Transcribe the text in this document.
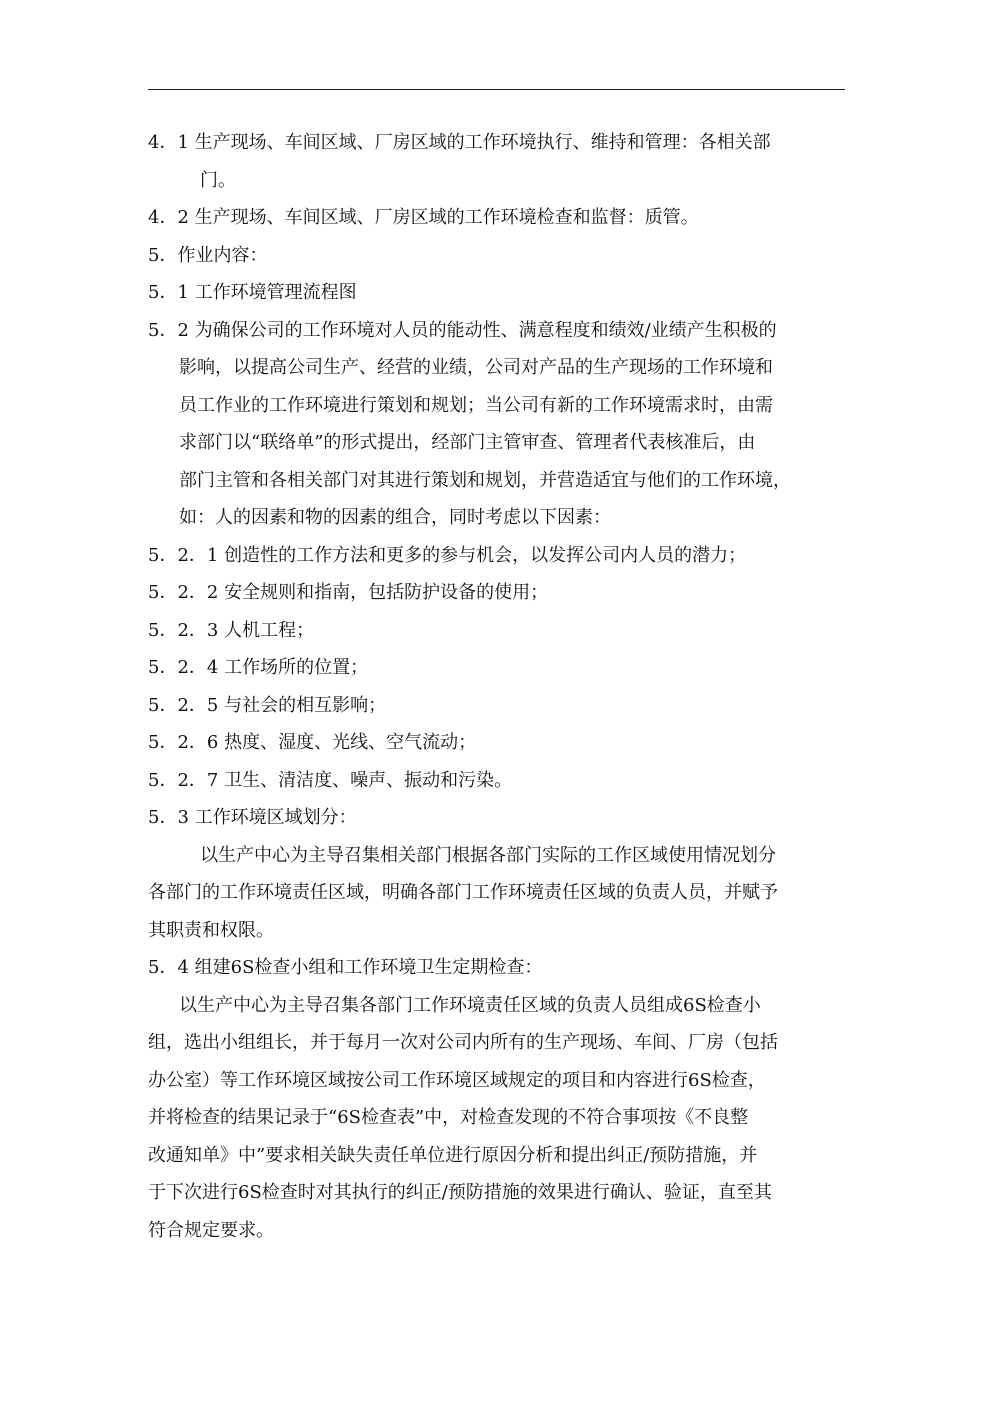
4．1 生产现场、车间区域、厂房区域的工作环境执行、维持和管理：各相关部
门。
4．2 生产现场、车间区域、厂房区域的工作环境检查和监督：质管。
5．作业内容：
5．1 工作环境管理流程图
5．2 为确保公司的工作环境对人员的能动性、满意程度和绩效/业绩产生积极的
影响，以提高公司生产、经营的业绩，公司对产品的生产现场的工作环境和
员工作业的工作环境进行策划和规划；当公司有新的工作环境需求时，由需
求部门以“联络单”的形式提出，经部门主管审查、管理者代表核准后，由
部门主管和各相关部门对其进行策划和规划，并营造适宜与他们的工作环境，
如：人的因素和物的因素的组合，同时考虑以下因素：
5．2．1 创造性的工作方法和更多的参与机会，以发挥公司内人员的潜力；
5．2．2 安全规则和指南，包括防护设备的使用；
5．2．3 人机工程；
5．2．4 工作场所的位置；
5．2．5 与社会的相互影响；
5．2．6 热度、湿度、光线、空气流动；
5．2．7 卫生、清洁度、噪声、振动和污染。
5．3 工作环境区域划分：
以生产中心为主导召集相关部门根据各部门实际的工作区域使用情况划分
各部门的工作环境责任区域，明确各部门工作环境责任区域的负责人员，并赋予
其职责和权限。
5．4 组建6S检查小组和工作环境卫生定期检查：
以生产中心为主导召集各部门工作环境责任区域的负责人员组成6S检查小
组，选出小组组长，并于每月一次对公司内所有的生产现场、车间、厂房（包括
办公室）等工作环境区域按公司工作环境区域规定的项目和内容进行6S检查，
并将检查的结果记录于“6S检查表”中，对检查发现的不符合事项按《不良整
改通知单》中”要求相关缺失责任单位进行原因分析和提出纠正/预防措施，并
于下次进行6S检查时对其执行的纠正/预防措施的效果进行确认、验证，直至其
符合规定要求。
